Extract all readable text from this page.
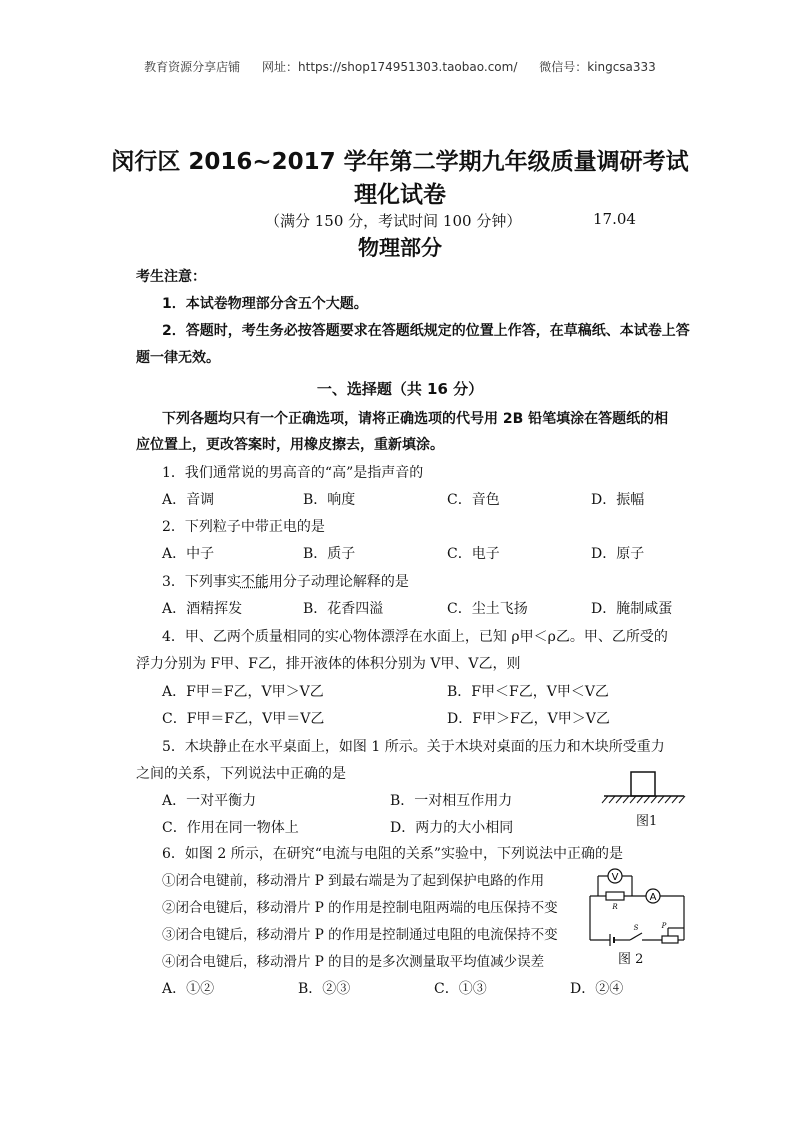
教育资源分享店铺 网址：https://shop174951303.taobao.com/ 微信号：kingcsa333
闵行区 2016~2017 学年第二学期九年级质量调研考试
理化试卷
（满分 150 分，考试时间 100 分钟）	17.04
物理部分
考生注意：
1．本试卷物理部分含五个大题。
2．答题时，考生务必按答题要求在答题纸规定的位置上作答，在草稿纸、本试卷上答
题一律无效。
一、选择题（共 16 分）
下列各题均只有一个正确选项，请将正确选项的代号用 2B 铅笔填涂在答题纸的相
应位置上，更改答案时，用橡皮擦去，重新填涂。
1．我们通常说的男高音的“高”是指声音的
A．音调	B．响度	C．音色	D．振幅
2．下列粒子中带正电的是
A．中子	B．质子	C．电子	D．原子
3．下列事实不能用分子动理论解释的是
A．酒精挥发	B．花香四溢	C．尘土飞扬	D．腌制咸蛋
4．甲、乙两个质量相同的实心物体漂浮在水面上，已知 ρ甲＜ρ乙。甲、乙所受的
浮力分别为 F甲、F乙，排开液体的体积分别为 V甲、V乙，则
A．F甲＝F乙，V甲＞V乙	B．F甲＜F乙，V甲＜V乙
C．F甲＝F乙，V甲＝V乙	D．F甲＞F乙，V甲＞V乙
5．木块静止在水平桌面上，如图 1 所示。关于木块对桌面的压力和木块所受重力
之间的关系，下列说法中正确的是
A．一对平衡力	B．一对相互作用力
C．作用在同一物体上	D．两力的大小相同	图1
6．如图 2 所示，在研究“电流与电阻的关系”实验中，下列说法中正确的是
①闭合电键前，移动滑片 P 到最右端是为了起到保护电路的作用
②闭合电键后，移动滑片 P 的作用是控制电阻两端的电压保持不变
③闭合电键后，移动滑片 P 的作用是控制通过电阻的电流保持不变
④闭合电键后，移动滑片 P 的目的是多次测量取平均值减少误差
A．①②	B．②③	C．①③	D．②④
V
A
R
S	P
图 2
